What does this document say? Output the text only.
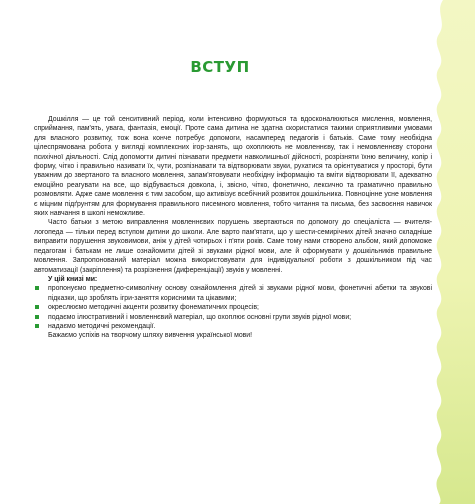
ВСТУП

Дошкілля — це той сенситивний період, коли інтенсивно формуються та вдосконалюються мислення, мовлення, сприймання, пам'ять, увага, фантазія, емоції. Проте сама дитина не здатна скористатися такими сприятливими умовами для власного розвитку, тож вона конче потребує допомоги, насамперед педагогів і батьків. Саме тому необхідна цілеспрямована робота у вигляді комплексних ігор-занять, що охоплюють не мовленнєву, так і немовленнєву сторони психічної діяльності. Слід допомогти дитині пізнавати предмети навколишньої дійсності, розрізняти їхню величину, колір і форму, чітко і правильно називати їх, чути, розпізнавати та відтворювати звуки, рухатися та орієнтуватися у просторі, бути уважним до звертаного та власного мовлення, запам'ятовувати необхідну інформацію та вміти відтворювати її, адекватно емоційно реагувати на все, що відбувається довкола, і, звісно, чітко, фонетично, лексично та граматично правильно розмовляти. Адже саме мовлення є тим засобом, що активізує всебічний розвиток дошкільника. Повноцінне усне мовлення є міцним підґрунтям для формування правильного писемного мовлення, тобто читання та письма, без засвоєння навичок яких навчання в школі неможливе.

Часто батьки з метою виправлення мовленнєвих порушень звертаються по допомогу до спеціаліста — вчителя-логопеда — тільки перед вступом дитини до школи. Але варто пам'ятати, що у шести-семирічних дітей значно складніше виправити порушення звуковимови, аніж у дітей чотирьох і п'яти років. Саме тому нами створено альбом, який допоможе педагогам і батькам не лише ознайомити дітей зі звуками рідної мови, але й сформувати у дошкільників правильне мовлення. Запропонований матеріал можна використовувати для індивідуальної роботи з дошкільником під час автоматизації (закріплення) та розрізнення (диференціації) звуків у мовленні.

У цій книзі ми:

пропонуємо предметно-символічну основу ознайомлення дітей зі звуками рідної мови, фонетичні абетки та звукові підказки, що зроблять ігри-заняття корисними та цікавими;
окреслюємо методичні акценти розвитку фонематичних процесів;
подаємо ілюстративний і мовленнєвий матеріал, що охоплює основні групи звуків рідної мови;
надаємо методичні рекомендації.

Бажаємо успіхів на творчому шляху вивчення української мови!
